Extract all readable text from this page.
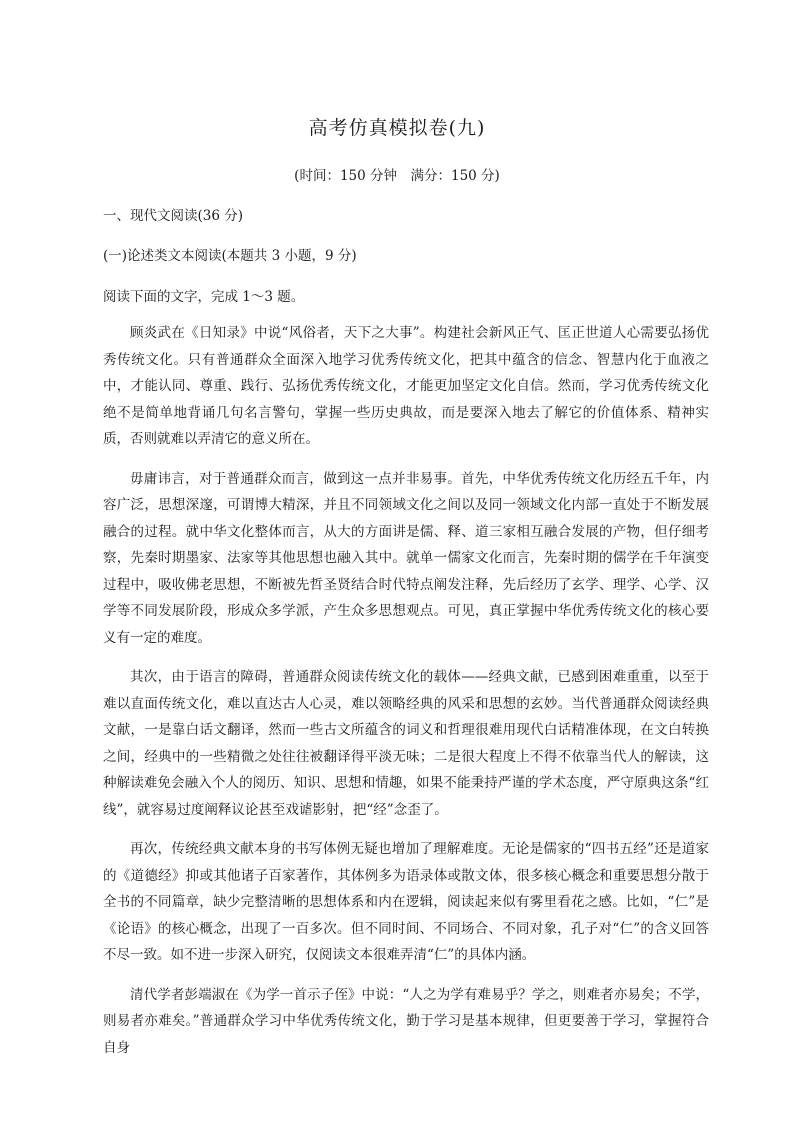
高考仿真模拟卷(九)
(时间：150 分钟　满分：150 分)
一、现代文阅读(36 分)
(一)论述类文本阅读(本题共 3 小题，9 分)
阅读下面的文字，完成 1～3 题。

顾炎武在《日知录》中说“风俗者，天下之大事”。构建社会新风正气、匡正世道人心需要弘扬优秀传统文化。只有普通群众全面深入地学习优秀传统文化，把其中蕴含的信念、智慧内化于血液之中，才能认同、尊重、践行、弘扬优秀传统文化，才能更加坚定文化自信。然而，学习优秀传统文化绝不是简单地背诵几句名言警句，掌握一些历史典故，而是要深入地去了解它的价值体系、精神实质，否则就难以弄清它的意义所在。

毋庸讳言，对于普通群众而言，做到这一点并非易事。首先，中华优秀传统文化历经五千年，内容广泛，思想深邃，可谓博大精深，并且不同领域文化之间以及同一领域文化内部一直处于不断发展融合的过程。就中华文化整体而言，从大的方面讲是儒、释、道三家相互融合发展的产物，但仔细考察，先秦时期墨家、法家等其他思想也融入其中。就单一儒家文化而言，先秦时期的儒学在千年演变过程中，吸收佛老思想，不断被先哲圣贤结合时代特点阐发注释，先后经历了玄学、理学、心学、汉学等不同发展阶段，形成众多学派，产生众多思想观点。可见，真正掌握中华优秀传统文化的核心要义有一定的难度。

其次，由于语言的障碍，普通群众阅读传统文化的载体——经典文献，已感到困难重重，以至于难以直面传统文化，难以直达古人心灵，难以领略经典的风采和思想的玄妙。当代普通群众阅读经典文献，一是靠白话文翻译，然而一些古文所蕴含的词义和哲理很难用现代白话精准体现，在文白转换之间，经典中的一些精微之处往往被翻译得平淡无味；二是很大程度上不得不依靠当代人的解读，这种解读难免会融入个人的阅历、知识、思想和情趣，如果不能秉持严谨的学术态度，严守原典这条“红线”，就容易过度阐释议论甚至戏谑影射，把“经”念歪了。

再次，传统经典文献本身的书写体例无疑也增加了理解难度。无论是儒家的“四书五经”还是道家的《道德经》抑或其他诸子百家著作，其体例多为语录体或散文体，很多核心概念和重要思想分散于全书的不同篇章，缺少完整清晰的思想体系和内在逻辑，阅读起来似有雾里看花之感。比如，“仁”是《论语》的核心概念，出现了一百多次。但不同时间、不同场合、不同对象，孔子对“仁”的含义回答不尽一致。如不进一步深入研究，仅阅读文本很难弄清“仁”的具体内涵。

清代学者彭端淑在《为学一首示子侄》中说：“人之为学有难易乎？学之，则难者亦易矣；不学，则易者亦难矣。”普通群众学习中华优秀传统文化，勤于学习是基本规律，但更要善于学习，掌握符合自身
